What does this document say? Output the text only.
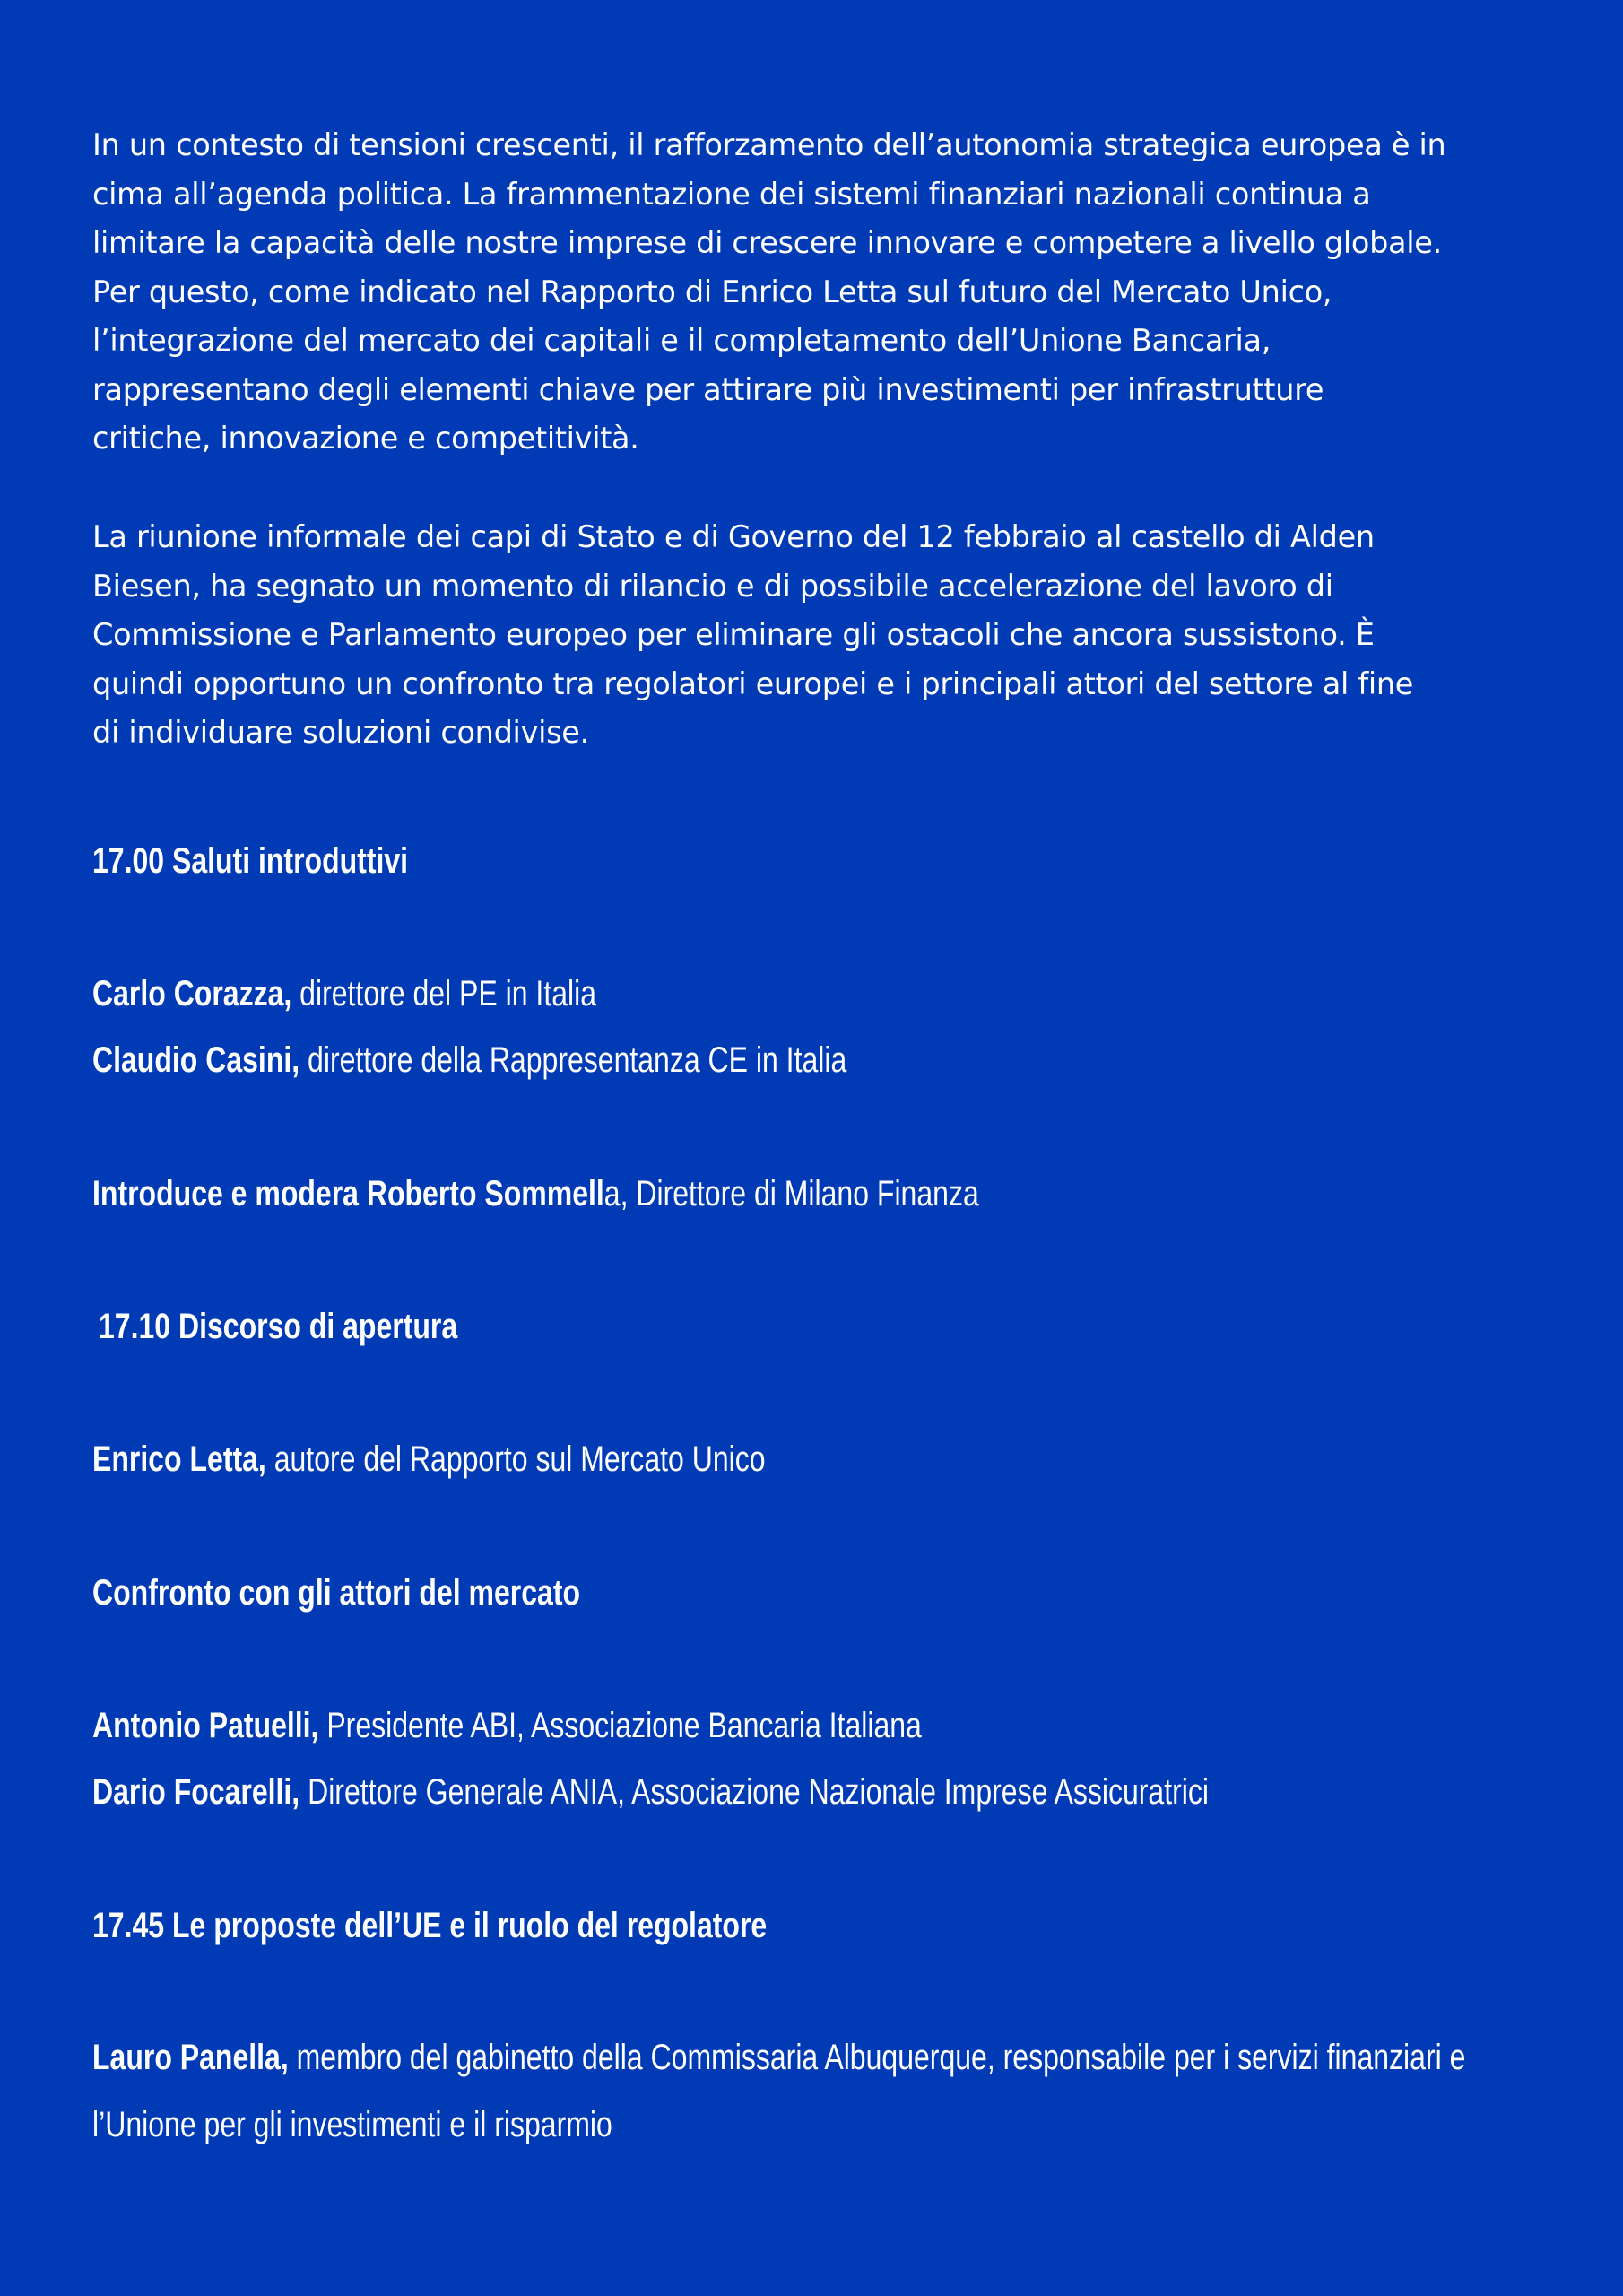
In un contesto di tensioni crescenti, il rafforzamento dell’autonomia strategica europea è in
cima all’agenda politica. La frammentazione dei sistemi finanziari nazionali continua a
limitare la capacità delle nostre imprese di crescere innovare e competere a livello globale.
Per questo, come indicato nel Rapporto di Enrico Letta sul futuro del Mercato Unico,
l’integrazione del mercato dei capitali e il completamento dell’Unione Bancaria,
rappresentano degli elementi chiave per attirare più investimenti per infrastrutture
critiche, innovazione e competitività.

La riunione informale dei capi di Stato e di Governo del 12 febbraio al castello di Alden
Biesen, ha segnato un momento di rilancio e di possibile accelerazione del lavoro di
Commissione e Parlamento europeo per eliminare gli ostacoli che ancora sussistono. È
quindi opportuno un confronto tra regolatori europei e i principali attori del settore al fine
di individuare soluzioni condivise.

17.00 Saluti introduttivi

Carlo Corazza, direttore del PE in Italia

Claudio Casini, direttore della Rappresentanza CE in Italia

Introduce e modera Roberto Sommella, Direttore di Milano Finanza

17.10 Discorso di apertura

Enrico Letta, autore del Rapporto sul Mercato Unico

Confronto con gli attori del mercato

Antonio Patuelli, Presidente ABI, Associazione Bancaria Italiana

Dario Focarelli, Direttore Generale ANIA, Associazione Nazionale Imprese Assicuratrici

17.45 Le proposte dell’UE e il ruolo del regolatore

Lauro Panella, membro del gabinetto della Commissaria Albuquerque, responsabile per i servizi finanziari e l’Unione per gli investimenti e il risparmio
